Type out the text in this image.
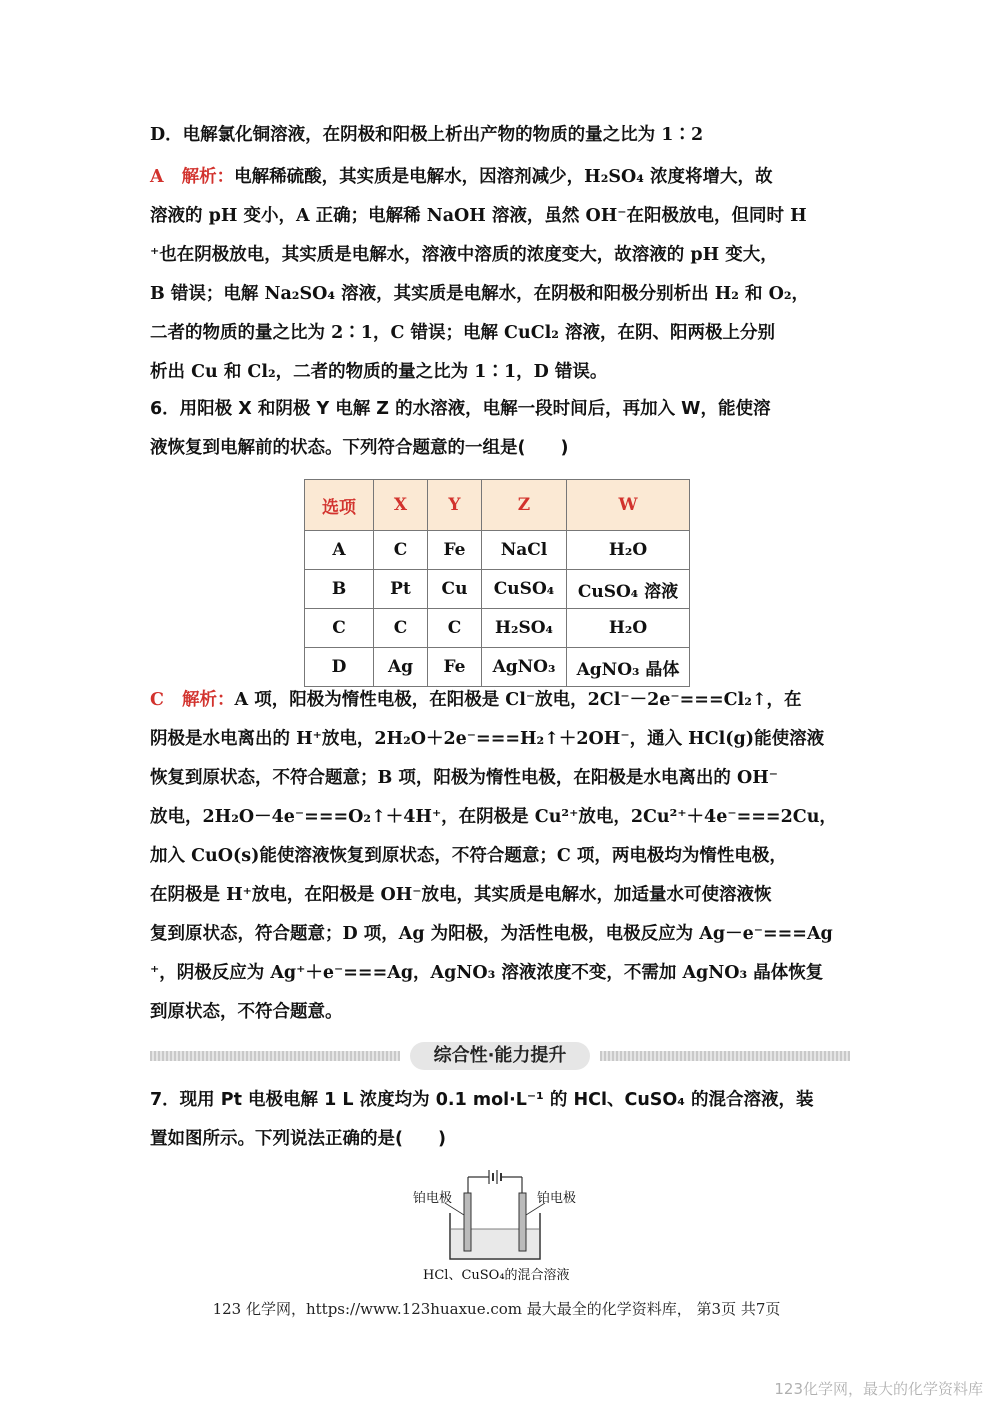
D．电解氯化铜溶液，在阴极和阳极上析出产物的物质的量之比为 1∶2
A 解析：电解稀硫酸，其实质是电解水，因溶剂减少，H₂SO₄ 浓度将增大，故
溶液的 pH 变小，A 正确；电解稀 NaOH 溶液，虽然 OH⁻在阳极放电，但同时 H
⁺也在阴极放电，其实质是电解水，溶液中溶质的浓度变大，故溶液的 pH 变大，
B 错误；电解 Na₂SO₄ 溶液，其实质是电解水，在阴极和阳极分别析出 H₂ 和 O₂，
二者的物质的量之比为 2∶1，C 错误；电解 CuCl₂ 溶液，在阴、阳两极上分别
析出 Cu 和 Cl₂，二者的物质的量之比为 1∶1，D 错误。
6．用阳极 X 和阴极 Y 电解 Z 的水溶液，电解一段时间后，再加入 W，能使溶
液恢复到电解前的状态。下列符合题意的一组是(　　)
选项	X	Y	Z	W
A	C	Fe	NaCl	H₂O
B	Pt	Cu	CuSO₄	CuSO₄ 溶液
C	C	C	H₂SO₄	H₂O
D	Ag	Fe	AgNO₃	AgNO₃ 晶体
C 解析：A 项，阳极为惰性电极，在阳极是 Cl⁻放电，2Cl⁻－2e⁻===Cl₂↑，在
阴极是水电离出的 H⁺放电，2H₂O＋2e⁻===H₂↑＋2OH⁻，通入 HCl(g)能使溶液
恢复到原状态，不符合题意；B 项，阳极为惰性电极，在阳极是水电离出的 OH⁻
放电，2H₂O－4e⁻===O₂↑＋4H⁺，在阴极是 Cu²⁺放电，2Cu²⁺＋4e⁻===2Cu，
加入 CuO(s)能使溶液恢复到原状态，不符合题意；C 项，两电极均为惰性电极，
在阴极是 H⁺放电，在阳极是 OH⁻放电，其实质是电解水，加适量水可使溶液恢
复到原状态，符合题意；D 项，Ag 为阳极，为活性电极，电极反应为 Ag－e⁻===Ag
⁺，阴极反应为 Ag⁺＋e⁻===Ag，AgNO₃ 溶液浓度不变，不需加 AgNO₃ 晶体恢复
到原状态，不符合题意。
综合性·能力提升
7．现用 Pt 电极电解 1 L 浓度均为 0.1 mol·L⁻¹ 的 HCl、CuSO₄ 的混合溶液，装
置如图所示。下列说法正确的是(　　)
铂电极	铂电极
HCl、CuSO₄的混合溶液
123 化学网，https://www.123huaxue.com 最大最全的化学资料库， 第3页 共7页
123化学网，最大的化学资料库
